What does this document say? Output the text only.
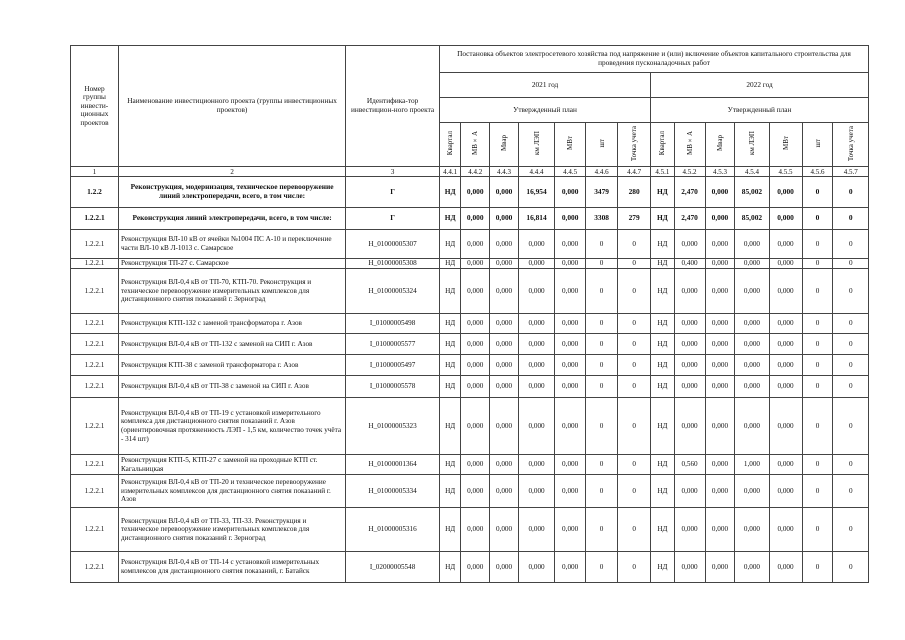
Номер группы инвести-ционных проектов	Наименование инвестиционного проекта (группы инвестиционных проектов)	Идентифика-тор инвестицион-ного проекта	Постановка объектов электросетевого хозяйства под напряжение и (или) включение объектов капитального строительства для проведения пусконаладочных работ													
			2021 год							2022 год						
			Утвержденный план							Утвержденный план						
			Квартал	МВ×А	Мвар	км ЛЭП	МВт	шт	Точка учета	Квартал	МВ×А	Мвар	км ЛЭП	МВт	шт	Точка учета
1	2	3	4.4.1	4.4.2	4.4.3	4.4.4	4.4.5	4.4.6	4.4.7	4.5.1	4.5.2	4.5.3	4.5.4	4.5.5	4.5.6	4.5.7
1.2.2	Реконструкция, модернизация, техническое перевооружение линий электропередачи, всего, в том числе:	Г	НД	0,000	0,000	16,954	0,000	3479	280	НД	2,470	0,000	85,002	0,000	0	0
1.2.2.1	Реконструкция линий электропередачи, всего, в том числе:	Г	НД	0,000	0,000	16,814	0,000	3308	279	НД	2,470	0,000	85,002	0,000	0	0
1.2.2.1	Реконструкция ВЛ-10 кВ от ячейки №1004 ПС А-10 и переключение части ВЛ-10 кВ Л-1013 с. Самарское	Н_01000005307	НД	0,000	0,000	0,000	0,000	0	0	НД	0,000	0,000	0,000	0,000	0	0
1.2.2.1	Реконструкция ТП-27 с. Самарское	Н_01000005308	НД	0,000	0,000	0,000	0,000	0	0	НД	0,400	0,000	0,000	0,000	0	0
1.2.2.1	Реконструкция ВЛ-0,4 кВ от ТП-70, КТП-70. Реконструкция и техническое перевооружение измерительных комплексов для дистанционного снятия показаний г. Зерноград	Н_01000005324	НД	0,000	0,000	0,000	0,000	0	0	НД	0,000	0,000	0,000	0,000	0	0
1.2.2.1	Реконструкция КТП-132 с заменой трансформатора г. Азов	I_01000005498	НД	0,000	0,000	0,000	0,000	0	0	НД	0,000	0,000	0,000	0,000	0	0
1.2.2.1	Реконструкция ВЛ-0,4 кВ от ТП-132 с заменой на СИП г. Азов	I_01000005577	НД	0,000	0,000	0,000	0,000	0	0	НД	0,000	0,000	0,000	0,000	0	0
1.2.2.1	Реконструкция КТП-38 с заменой трансформатора г. Азов	I_01000005497	НД	0,000	0,000	0,000	0,000	0	0	НД	0,000	0,000	0,000	0,000	0	0
1.2.2.1	Реконструкция ВЛ-0,4 кВ от ТП-38 с заменой на СИП г. Азов	I_01000005578	НД	0,000	0,000	0,000	0,000	0	0	НД	0,000	0,000	0,000	0,000	0	0
1.2.2.1	Реконструкция ВЛ-0,4 кВ от ТП-19 с установкой измерительного комплекса для дистанционного снятия показаний г. Азов (ориентировочная протяженность ЛЭП - 1,5 км, количество точек учёта - 314 шт)	Н_01000005323	НД	0,000	0,000	0,000	0,000	0	0	НД	0,000	0,000	0,000	0,000	0	0
1.2.2.1	Реконструкция КТП-5, КТП-27 с заменой на проходные КТП ст. Кагальницкая	Н_01000001364	НД	0,000	0,000	0,000	0,000	0	0	НД	0,560	0,000	1,000	0,000	0	0
1.2.2.1	Реконструкция ВЛ-0,4 кВ от ТП-20 и техническое перевооружение измерительных комплексов для дистанционного снятия показаний г. Азов	Н_01000005334	НД	0,000	0,000	0,000	0,000	0	0	НД	0,000	0,000	0,000	0,000	0	0
1.2.2.1	Реконструкция ВЛ-0,4 кВ от ТП-33, ТП-33. Реконструкция и техническое перевооружение измерительных комплексов для дистанционного снятия показаний г. Зерноград	Н_01000005316	НД	0,000	0,000	0,000	0,000	0	0	НД	0,000	0,000	0,000	0,000	0	0
1.2.2.1	Реконструкция ВЛ-0,4 кВ от ТП-14 с установкой измерительных комплексов для дистанционного снятия показаний, г. Батайск	I_02000005548	НД	0,000	0,000	0,000	0,000	0	0	НД	0,000	0,000	0,000	0,000	0	0
